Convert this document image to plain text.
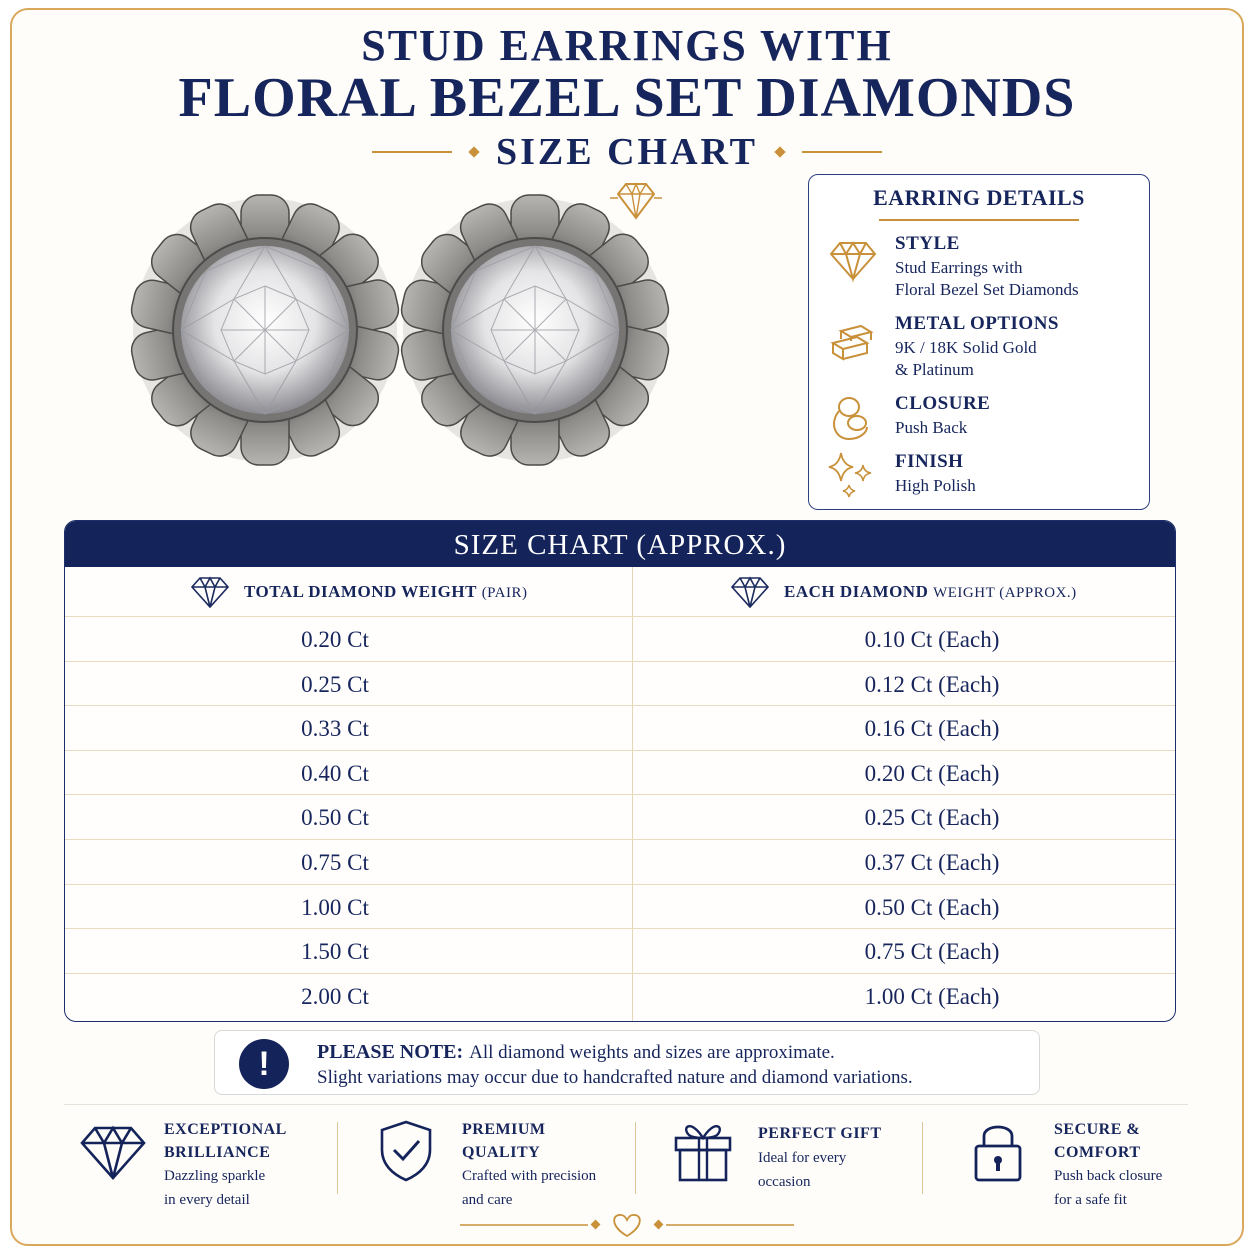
STUD EARRINGS WITH
FLORAL BEZEL SET DIAMONDS
SIZE CHART
EARRING DETAILS
STYLE
Stud Earrings with
Floral Bezel Set Diamonds
METAL OPTIONS
9K / 18K Solid Gold
& Platinum
CLOSURE
Push Back
FINISH
High Polish
SIZE CHART (APPROX.)
TOTAL DIAMOND WEIGHT (PAIR)	EACH DIAMOND WEIGHT (APPROX.)
0.20 Ct	0.10 Ct (Each)
0.25 Ct	0.12 Ct (Each)
0.33 Ct	0.16 Ct (Each)
0.40 Ct	0.20 Ct (Each)
0.50 Ct	0.25 Ct (Each)
0.75 Ct	0.37 Ct (Each)
1.00 Ct	0.50 Ct (Each)
1.50 Ct	0.75 Ct (Each)
2.00 Ct	1.00 Ct (Each)
!	PLEASE NOTE: All diamond weights and sizes are approximate.
Slight variations may occur due to handcrafted nature and diamond variations.
EXCEPTIONAL
BRILLIANCE
Dazzling sparkle
in every detail
PREMIUM
QUALITY
Crafted with precision
and care
PERFECT GIFT
Ideal for every
occasion
SECURE &
COMFORT
Push back closure
for a safe fit
